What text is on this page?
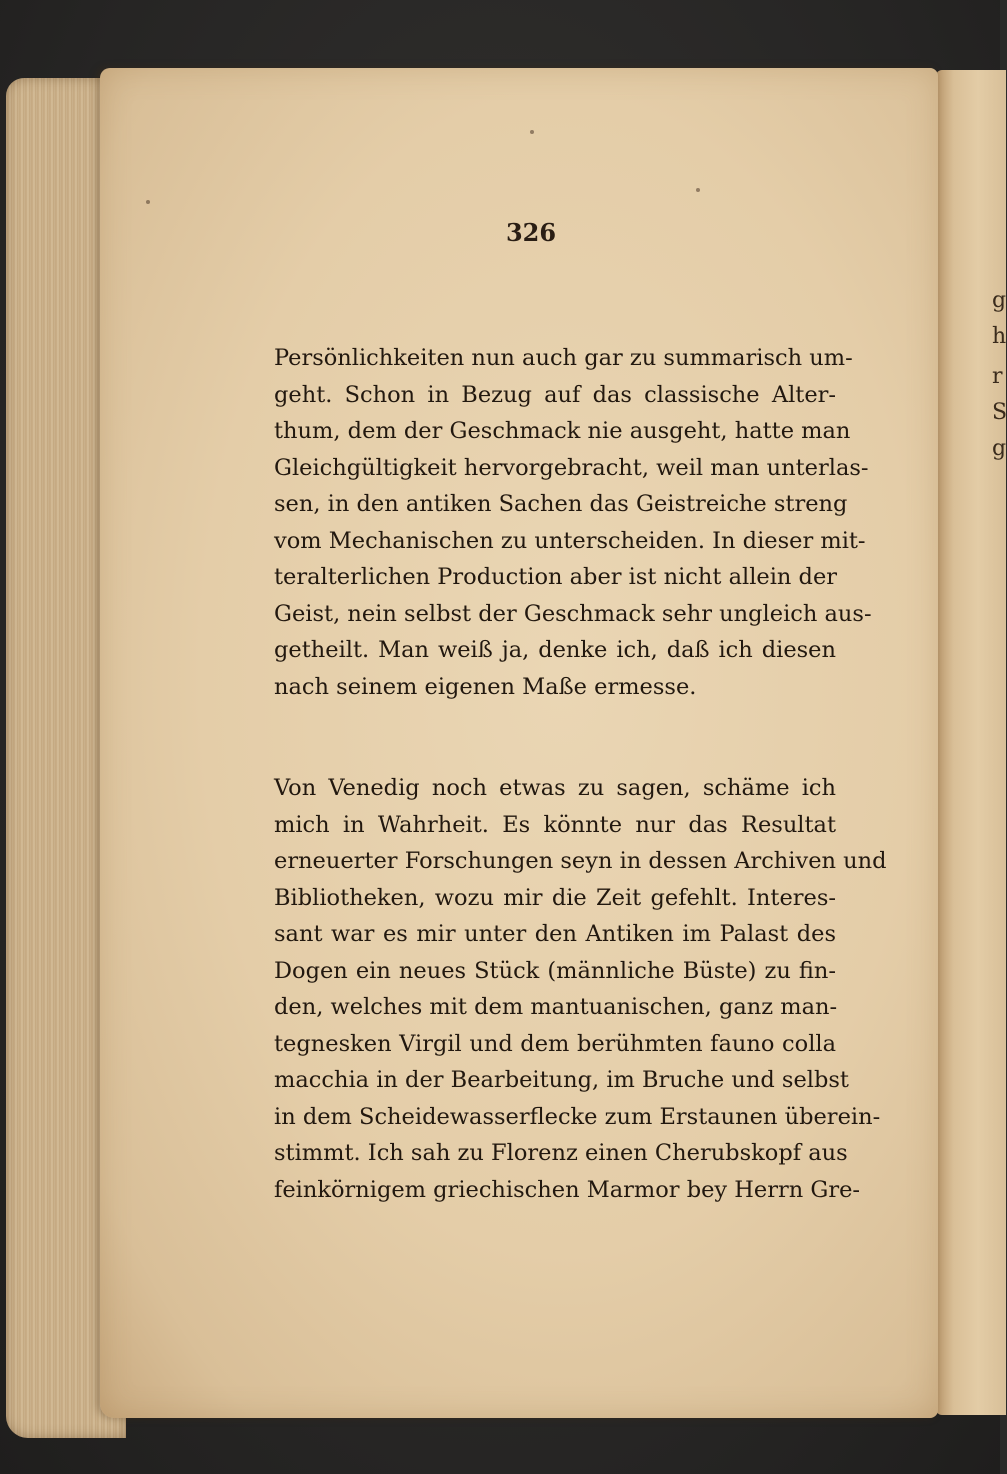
g
h
r
S
g
326
Persönlichkeiten nun auch gar zu summarisch um-
geht. Schon in Bezug auf das classische Alter-
thum, dem der Geschmack nie ausgeht, hatte man
Gleichgültigkeit hervorgebracht, weil man unterlas-
sen, in den antiken Sachen das Geistreiche streng
vom Mechanischen zu unterscheiden. In dieser mit-
teralterlichen Production aber ist nicht allein der
Geist, nein selbst der Geschmack sehr ungleich aus-
getheilt. Man weiß ja, denke ich, daß ich diesen
nach seinem eigenen Maße ermesse.
Von Venedig noch etwas zu sagen, schäme ich
mich in Wahrheit. Es könnte nur das Resultat
erneuerter Forschungen seyn in dessen Archiven und
Bibliotheken, wozu mir die Zeit gefehlt. Interes-
sant war es mir unter den Antiken im Palast des
Dogen ein neues Stück (männliche Büste) zu fin-
den, welches mit dem mantuanischen, ganz man-
tegnesken Virgil und dem berühmten fauno colla
macchia in der Bearbeitung, im Bruche und selbst
in dem Scheidewasserflecke zum Erstaunen überein-
stimmt. Ich sah zu Florenz einen Cherubskopf aus
feinkörnigem griechischen Marmor bey Herrn Gre-
